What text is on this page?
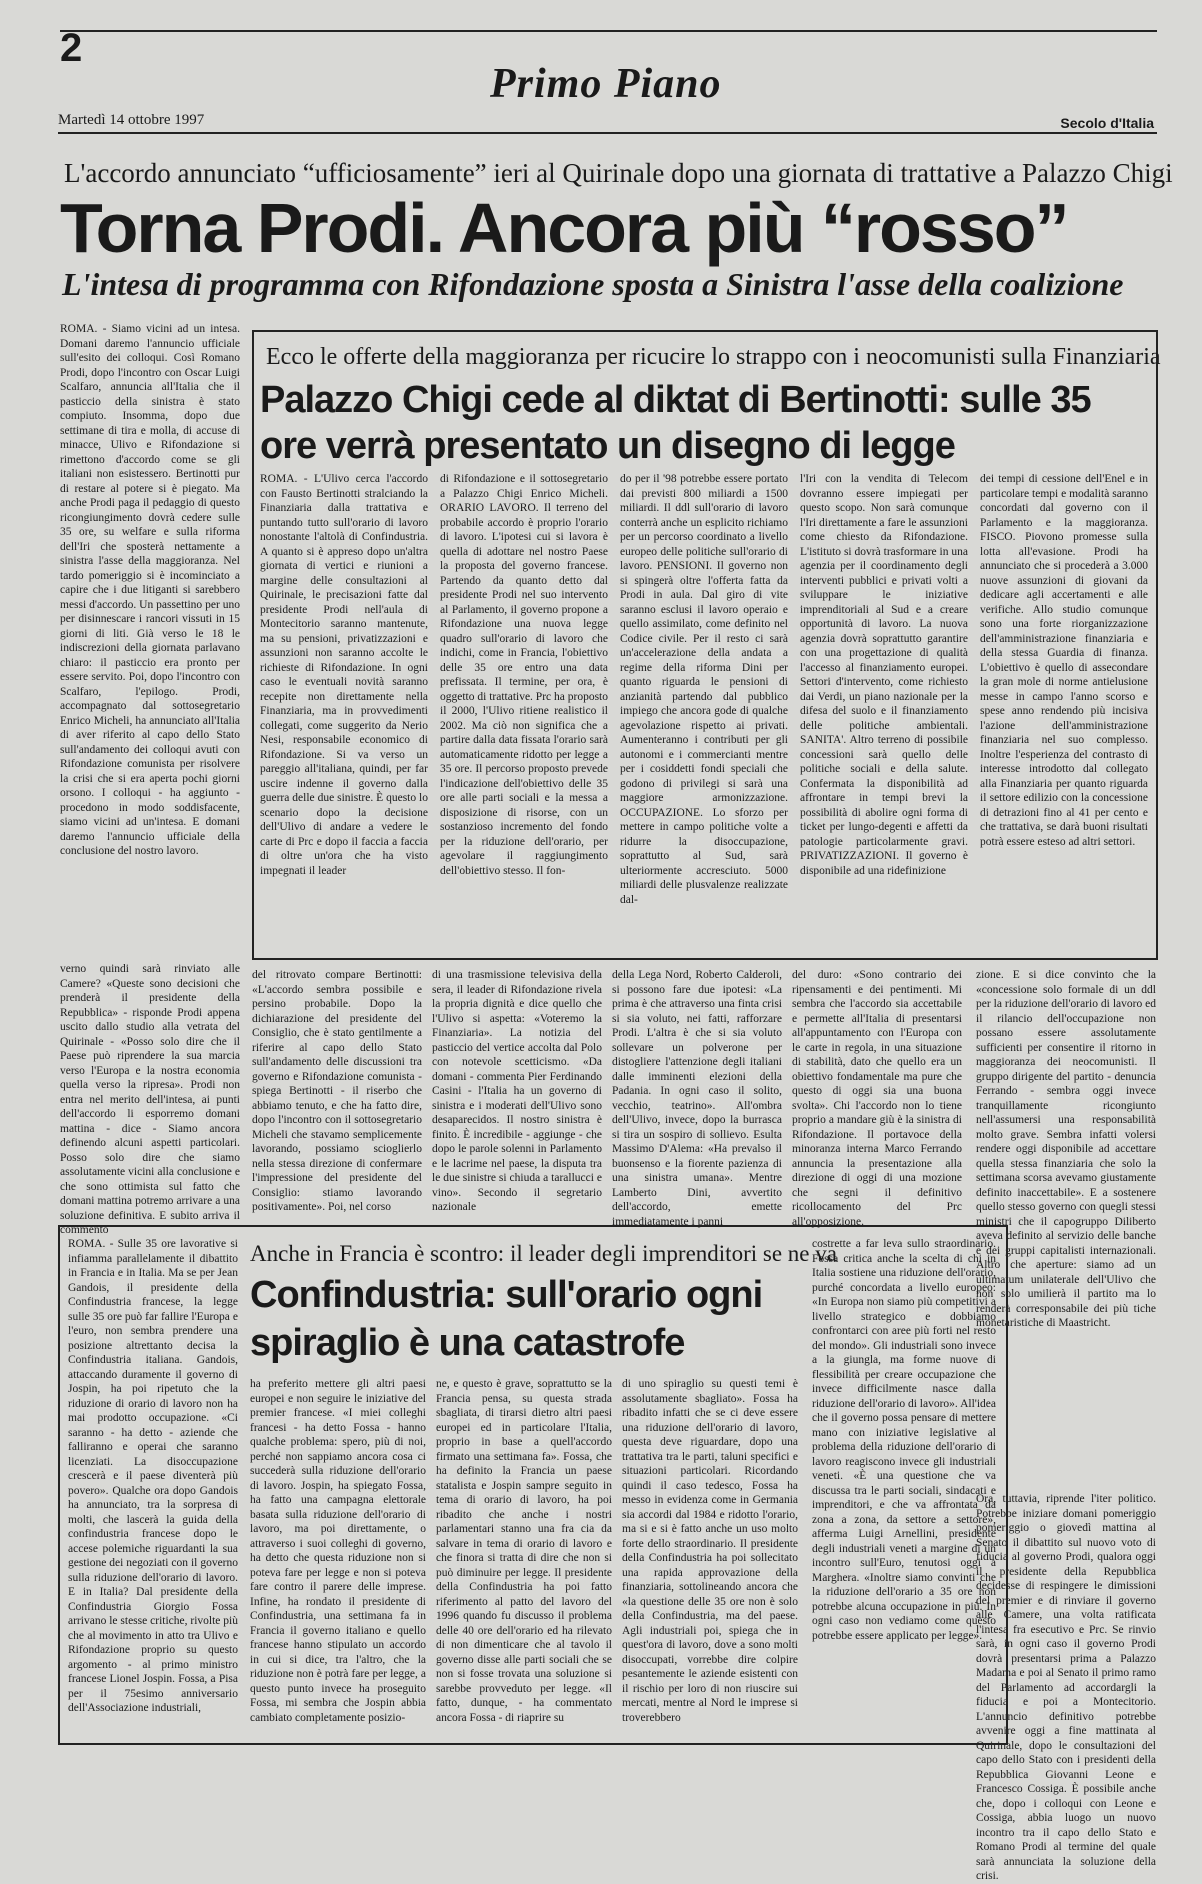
2
Primo Piano
Martedì 14 ottobre 1997	Secolo d'Italia
L'accordo annunciato “ufficiosamente” ieri al Quirinale dopo una giornata di trattative a Palazzo Chigi
Torna Prodi. Ancora più “rosso”
L'intesa di programma con Rifondazione sposta a Sinistra l'asse della coalizione

ROMA. - Siamo vicini ad un intesa. Domani daremo l'annuncio ufficiale sull'esito dei colloqui. Così Romano Prodi, dopo l'incontro con Oscar Luigi Scalfaro, annuncia all'Italia che il pasticcio della sinistra è stato compiuto. Insomma, dopo due settimane di tira e molla, di accuse di minacce, Ulivo e Rifondazione si rimettono d'accordo come se gli italiani non esistessero. Bertinotti pur di restare al potere si è piegato. Ma anche Prodi paga il pedaggio di questo ricongiungimento dovrà cedere sulle 35 ore, su welfare e sulla riforma dell'Iri che sposterà nettamente a sinistra l'asse della maggioranza. Nel tardo pomeriggio si è incominciato a capire che i due litiganti si sarebbero messi d'accordo. Un passettino per uno per disinnescare i rancori vissuti in 15 giorni di liti. Già verso le 18 le indiscrezioni della giornata parlavano chiaro: il pasticcio era pronto per essere servito. Poi, dopo l'incontro con Scalfaro, l'epilogo. Prodi, accompagnato dal sottosegretario Enrico Micheli, ha annunciato all'Italia di aver riferito al capo dello Stato sull'andamento dei colloqui avuti con Rifondazione comunista per risolvere la crisi che si era aperta pochi giorni orsono. I colloqui - ha aggiunto - procedono in modo soddisfacente, siamo vicini ad un'intesa. E domani daremo l'annuncio ufficiale della conclusione del nostro lavoro.

verno quindi sarà rinviato alle Camere? «Queste sono decisioni che prenderà il presidente della Repubblica» - risponde Prodi appena uscito dallo studio alla vetrata del Quirinale - «Posso solo dire che il Paese può riprendere la sua marcia verso l'Europa e la nostra economia quella verso la ripresa». Prodi non entra nel merito dell'intesa, ai punti dell'accordo li esporremo domani mattina - dice - Siamo ancora definendo alcuni aspetti particolari. Posso solo dire che siamo assolutamente vicini alla conclusione e che sono ottimista sul fatto che domani mattina potremo arrivare a una soluzione definitiva. E subito arriva il commento

Ecco le offerte della maggioranza per ricucire lo strappo con i neocomunisti sulla Finanziaria
Palazzo Chigi cede al diktat di Bertinotti: sulle 35 ore verrà presentato un disegno di legge

ROMA. - L'Ulivo cerca l'accordo con Fausto Bertinotti stralciando la Finanziaria dalla trattativa e puntando tutto sull'orario di lavoro nonostante l'altolà di Confindustria. A quanto si è appreso dopo un'altra giornata di vertici e riunioni a margine delle consultazioni al Quirinale, le precisazioni fatte dal presidente Prodi nell'aula di Montecitorio saranno mantenute, ma su pensioni, privatizzazioni e assunzioni non saranno accolte le richieste di Rifondazione. In ogni caso le eventuali novità saranno recepite non direttamente nella Finanziaria, ma in provvedimenti collegati, come suggerito da Nerio Nesi, responsabile economico di Rifondazione. Si va verso un pareggio all'italiana, quindi, per far uscire indenne il governo dalla guerra delle due sinistre. È questo lo scenario dopo la decisione dell'Ulivo di andare a vedere le carte di Prc e dopo il faccia a faccia di oltre un'ora che ha visto impegnati il leader

di Rifondazione e il sottosegretario a Palazzo Chigi Enrico Micheli. ORARIO LAVORO. Il terreno del probabile accordo è proprio l'orario di lavoro. L'ipotesi cui si lavora è quella di adottare nel nostro Paese la proposta del governo francese. Partendo da quanto detto dal presidente Prodi nel suo intervento al Parlamento, il governo propone a Rifondazione una nuova legge quadro sull'orario di lavoro che indichi, come in Francia, l'obiettivo delle 35 ore entro una data prefissata. Il termine, per ora, è oggetto di trattative. Prc ha proposto il 2000, l'Ulivo ritiene realistico il 2002. Ma ciò non significa che a partire dalla data fissata l'orario sarà automaticamente ridotto per legge a 35 ore. Il percorso proposto prevede l'indicazione dell'obiettivo delle 35 ore alle parti sociali e la messa a disposizione di risorse, con un sostanzioso incremento del fondo per la riduzione dell'orario, per agevolare il raggiungimento dell'obiettivo stesso. Il fon-

do per il '98 potrebbe essere portato dai previsti 800 miliardi a 1500 miliardi. Il ddl sull'orario di lavoro conterrà anche un esplicito richiamo per un percorso coordinato a livello europeo delle politiche sull'orario di lavoro. PENSIONI. Il governo non si spingerà oltre l'offerta fatta da Prodi in aula. Dal giro di vite saranno esclusi il lavoro operaio e quello assimilato, come definito nel Codice civile. Per il resto ci sarà un'accelerazione della andata a regime della riforma Dini per quanto riguarda le pensioni di anzianità partendo dal pubblico impiego che ancora gode di qualche agevolazione rispetto ai privati. Aumenteranno i contributi per gli autonomi e i commercianti mentre per i cosiddetti fondi speciali che godono di privilegi si sarà una maggiore armonizzazione. OCCUPAZIONE. Lo sforzo per mettere in campo politiche volte a ridurre la disoccupazione, soprattutto al Sud, sarà ulteriormente accresciuto. 5000 miliardi delle plusvalenze realizzate dal-

l'Iri con la vendita di Telecom dovranno essere impiegati per questo scopo. Non sarà comunque l'Iri direttamente a fare le assunzioni come chiesto da Rifondazione. L'istituto si dovrà trasformare in una agenzia per il coordinamento degli interventi pubblici e privati volti a sviluppare le iniziative imprenditoriali al Sud e a creare opportunità di lavoro. La nuova agenzia dovrà soprattutto garantire con una progettazione di qualità l'accesso al finanziamento europei. Settori d'intervento, come richiesto dai Verdi, un piano nazionale per la difesa del suolo e il finanziamento delle politiche ambientali. SANITA'. Altro terreno di possibile concessioni sarà quello delle politiche sociali e della salute. Confermata la disponibilità ad affrontare in tempi brevi la possibilità di abolire ogni forma di ticket per lungo-degenti e affetti da patologie particolarmente gravi. PRIVATIZZAZIONI. Il governo è disponibile ad una ridefinizione

dei tempi di cessione dell'Enel e in particolare tempi e modalità saranno concordati dal governo con il Parlamento e la maggioranza. FISCO. Piovono promesse sulla lotta all'evasione. Prodi ha annunciato che si procederà a 3.000 nuove assunzioni di giovani da dedicare agli accertamenti e alle verifiche. Allo studio comunque sono una forte riorganizzazione dell'amministrazione finanziaria e della stessa Guardia di finanza. L'obiettivo è quello di assecondare la gran mole di norme antielusione messe in campo l'anno scorso e spese anno rendendo più incisiva l'azione dell'amministrazione finanziaria nel suo complesso. Inoltre l'esperienza del contrasto di interesse introdotto dal collegato alla Finanziaria per quanto riguarda il settore edilizio con la concessione di detrazioni fino al 41 per cento e che trattativa, se darà buoni risultati potrà essere esteso ad altri settori.

del ritrovato compare Bertinotti: «L'accordo sembra possibile e persino probabile. Dopo la dichiarazione del presidente del Consiglio, che è stato gentilmente a riferire al capo dello Stato sull'andamento delle discussioni tra governo e Rifondazione comunista - spiega Bertinotti - il riserbo che abbiamo tenuto, e che ha fatto dire, dopo l'incontro con il sottosegretario Micheli che stavamo semplicemente lavorando, possiamo scioglierlo nella stessa direzione di confermare l'impressione del presidente del Consiglio: stiamo lavorando positivamente». Poi, nel corso

di una trasmissione televisiva della sera, il leader di Rifondazione rivela la propria dignità e dice quello che l'Ulivo si aspetta: «Voteremo la Finanziaria». La notizia del pasticcio del vertice accolta dal Polo con notevole scetticismo. «Da domani - commenta Pier Ferdinando Casini - l'Italia ha un governo di sinistra e i moderati dell'Ulivo sono desaparecidos. Il nostro sinistra è finito. È incredibile - aggiunge - che dopo le parole solenni in Parlamento e le lacrime nel paese, la disputa tra le due sinistre si chiuda a tarallucci e vino». Secondo il segretario nazionale

della Lega Nord, Roberto Calderoli, si possono fare due ipotesi: «La prima è che attraverso una finta crisi si sia voluto, nei fatti, rafforzare Prodi. L'altra è che si sia voluto sollevare un polverone per distogliere l'attenzione degli italiani dalle imminenti elezioni della Padania. In ogni caso il solito, vecchio, teatrino». All'ombra dell'Ulivo, invece, dopo la burrasca si tira un sospiro di sollievo. Esulta Massimo D'Alema: «Ha prevalso il buonsenso e la fiorente pazienza di una sinistra umana». Mentre Lamberto Dini, avvertito dell'accordo, emette immediatamente i panni

del duro: «Sono contrario dei ripensamenti e dei pentimenti. Mi sembra che l'accordo sia accettabile e permette all'Italia di presentarsi all'appuntamento con l'Europa con le carte in regola, in una situazione di stabilità, dato che quello era un obiettivo fondamentale ma pure che questo di oggi sia una buona svolta». Chi l'accordo non lo tiene proprio a mandare giù è la sinistra di Rifondazione. Il portavoce della minoranza interna Marco Ferrando annuncia la presentazione alla direzione di oggi di una mozione che segni il definitivo ricollocamento del Prc all'opposizione.

zione. E si dice convinto che la «concessione solo formale di un ddl per la riduzione dell'orario di lavoro ed il rilancio dell'occupazione non possano essere assolutamente sufficienti per consentire il ritorno in maggioranza dei neocomunisti. Il gruppo dirigente del partito - denuncia Ferrando - sembra oggi invece tranquillamente ricongiunto nell'assumersi una responsabilità molto grave. Sembra infatti volersi rendere oggi disponibile ad accettare quella stessa finanziaria che solo la settimana scorsa avevamo giustamente definito inaccettabile». E a sostenere quello stesso governo con quegli stessi ministri che il capogruppo Diliberto aveva definito al servizio delle banche e dei gruppi capitalisti internazionali. Altro che aperture: siamo ad un ultimatum unilaterale dell'Ulivo che non solo umilierà il partito ma lo renderà corresponsabile dei più tiche monetaristiche di Maastricht.

Ora, tuttavia, riprende l'iter politico. Potrebbe iniziare domani pomeriggio pomeriggio o giovedì mattina al Senato il dibattito sul nuovo voto di fiducia al governo Prodi, qualora oggi il presidente della Repubblica decidesse di respingere le dimissioni del premier e di rinviare il governo alle Camere, una volta ratificata l'intesa fra esecutivo e Prc. Se rinvio sarà, in ogni caso il governo Prodi dovrà presentarsi prima a Palazzo Madama e poi al Senato il primo ramo del Parlamento ad accordargli la fiducia e poi a Montecitorio. L'annuncio definitivo potrebbe avvenire oggi a fine mattinata al Quirinale, dopo le consultazioni del capo dello Stato con i presidenti della Repubblica Giovanni Leone e Francesco Cossiga. È possibile anche che, dopo i colloqui con Leone e Cossiga, abbia luogo un nuovo incontro tra il capo dello Stato e Romano Prodi al termine del quale sarà annunciata la soluzione della crisi.

ROMA. - Sulle 35 ore lavorative si infiamma parallelamente il dibattito in Francia e in Italia. Ma se per Jean Gandois, il presidente della Confindustria francese, la legge sulle 35 ore può far fallire l'Europa e l'euro, non sembra prendere una posizione altrettanto decisa la Confindustria italiana. Gandois, attaccando duramente il governo di Jospin, ha poi ripetuto che la riduzione di orario di lavoro non ha mai prodotto occupazione. «Ci saranno - ha detto - aziende che falliranno e operai che saranno licenziati. La disoccupazione crescerà e il paese diventerà più povero». Qualche ora dopo Gandois ha annunciato, tra la sorpresa di molti, che lascerà la guida della confindustria francese dopo le accese polemiche riguardanti la sua gestione dei negoziati con il governo sulla riduzione dell'orario di lavoro. E in Italia? Dal presidente della Confindustria Giorgio Fossa arrivano le stesse critiche, rivolte più che al movimento in atto tra Ulivo e Rifondazione proprio su questo argomento - al primo ministro francese Lionel Jospin. Fossa, a Pisa per il 75esimo anniversario dell'Associazione industriali,

Anche in Francia è scontro: il leader degli imprenditori se ne va
Confindustria: sull'orario ogni spiraglio è una catastrofe

ha preferito mettere gli altri paesi europei e non seguire le iniziative del premier francese. «I miei colleghi francesi - ha detto Fossa - hanno qualche problema: spero, più di noi, perché non sappiamo ancora cosa ci succederà sulla riduzione dell'orario di lavoro. Jospin, ha spiegato Fossa, ha fatto una campagna elettorale basata sulla riduzione dell'orario di lavoro, ma poi direttamente, o attraverso i suoi colleghi di governo, ha detto che questa riduzione non si poteva fare per legge e non si poteva fare contro il parere delle imprese. Infine, ha rondato il presidente di Confindustria, una settimana fa in Francia il governo italiano e quello francese hanno stipulato un accordo in cui si dice, tra l'altro, che la riduzione non è potrà fare per legge, a questo punto invece ha proseguito Fossa, mi sembra che Jospin abbia cambiato completamente posizio-

ne, e questo è grave, soprattutto se la Francia pensa, su questa strada sbagliata, di tirarsi dietro altri paesi europei ed in particolare l'Italia, proprio in base a quell'accordo firmato una settimana fa». Fossa, che ha definito la Francia un paese statalista e Jospin sampre seguito in tema di orario di lavoro, ha poi ribadito che anche i nostri parlamentari stanno una fra cia da salvare in tema di orario di lavoro e che finora si tratta di dire che non si può diminuire per legge. Il presidente della Confindustria ha poi fatto riferimento al patto del lavoro del 1996 quando fu discusso il problema delle 40 ore dell'orario ed ha rilevato di non dimenticare che al tavolo il governo disse alle parti sociali che se non si fosse trovata una soluzione si sarebbe provveduto per legge. «Il fatto, dunque, - ha commentato ancora Fossa - di riaprire su

di uno spiraglio su questi temi è assolutamente sbagliato». Fossa ha ribadito infatti che se ci deve essere una riduzione dell'orario di lavoro, questa deve riguardare, dopo una trattativa tra le parti, taluni specifici e situazioni particolari. Ricordando quindi il caso tedesco, Fossa ha messo in evidenza come in Germania sia accordi dal 1984 e ridotto l'orario, ma si e si è fatto anche un uso molto forte dello straordinario. Il presidente della Confindustria ha poi sollecitato una rapida approvazione della finanziaria, sottolineando ancora che «la questione delle 35 ore non è solo della Confindustria, ma del paese. Agli industriali poi, spiega che in quest'ora di lavoro, dove a sono molti disoccupati, vorrebbe dire colpire pesantemente le aziende esistenti con il rischio per loro di non riuscire sui mercati, mentre al Nord le imprese si troverebbero

costrette a far leva sullo straordinario. Fossa critica anche la scelta di chi in Italia sostiene una riduzione dell'orario, purché concordata a livello europeo: «In Europa non siamo più competitivi a livello strategico e dobbiamo confrontarci con aree più forti nel resto del mondo». Gli industriali sono invece a la giungla, ma forme nuove di flessibilità per creare occupazione che invece difficilmente nasce dalla riduzione dell'orario di lavoro». All'idea che il governo possa pensare di mettere mano con iniziative legislative al problema della riduzione dell'orario di lavoro reagiscono invece gli industriali veneti. «È una questione che va discussa tra le parti sociali, sindacati e imprenditori, e che va affrontata da zona a zona, da settore a settore», afferma Luigi Arnellini, presidente degli industriali veneti a margine di un incontro sull'Euro, tenutosi oggi a Marghera. «Inoltre siamo convinti che la riduzione dell'orario a 35 ore non potrebbe alcuna occupazione in più. In ogni caso non vediamo come questo potrebbe essere applicato per legge».
